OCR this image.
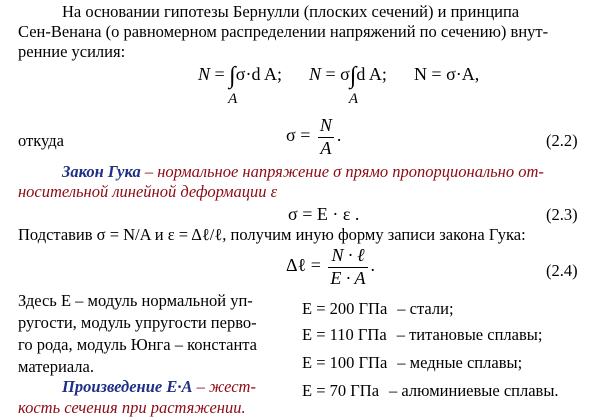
На основании гипотезы Бернулли (плоских сечений) и принципа
Сен-Венана (о равномерном распределении напряжений по сечению) внут-
ренние усилия:
N = ∫
A
σ·d A; N = σ∫
A
d A; N = σ·A,
откуда	$\sigma = \frac{N}{A}$ .	(2.2)
Закон Гука – нормальное напряжение σ прямо пропорционально от-
носительной линейной деформации ε
σ = E · ε .	(2.3)
Подставив σ = N/A и ε = Δℓ/ℓ, получим иную форму записи закона Гука:
Δℓ = $\frac{\text{N · ℓ}}{E \cdot A}$ .	(2.4)
Здесь E – модуль нормальной уп-
ругости, модуль упругости перво-
го рода, модуль Юнга – константа
материала.
E = 200 ГПа – стали;
E = 110 ГПа – титановые сплавы;
E = 100 ГПа – медные сплавы;
E = 70 ГПа – алюминиевые сплавы.
Произведение E·A – жест-
кость сечения при растяжении.
